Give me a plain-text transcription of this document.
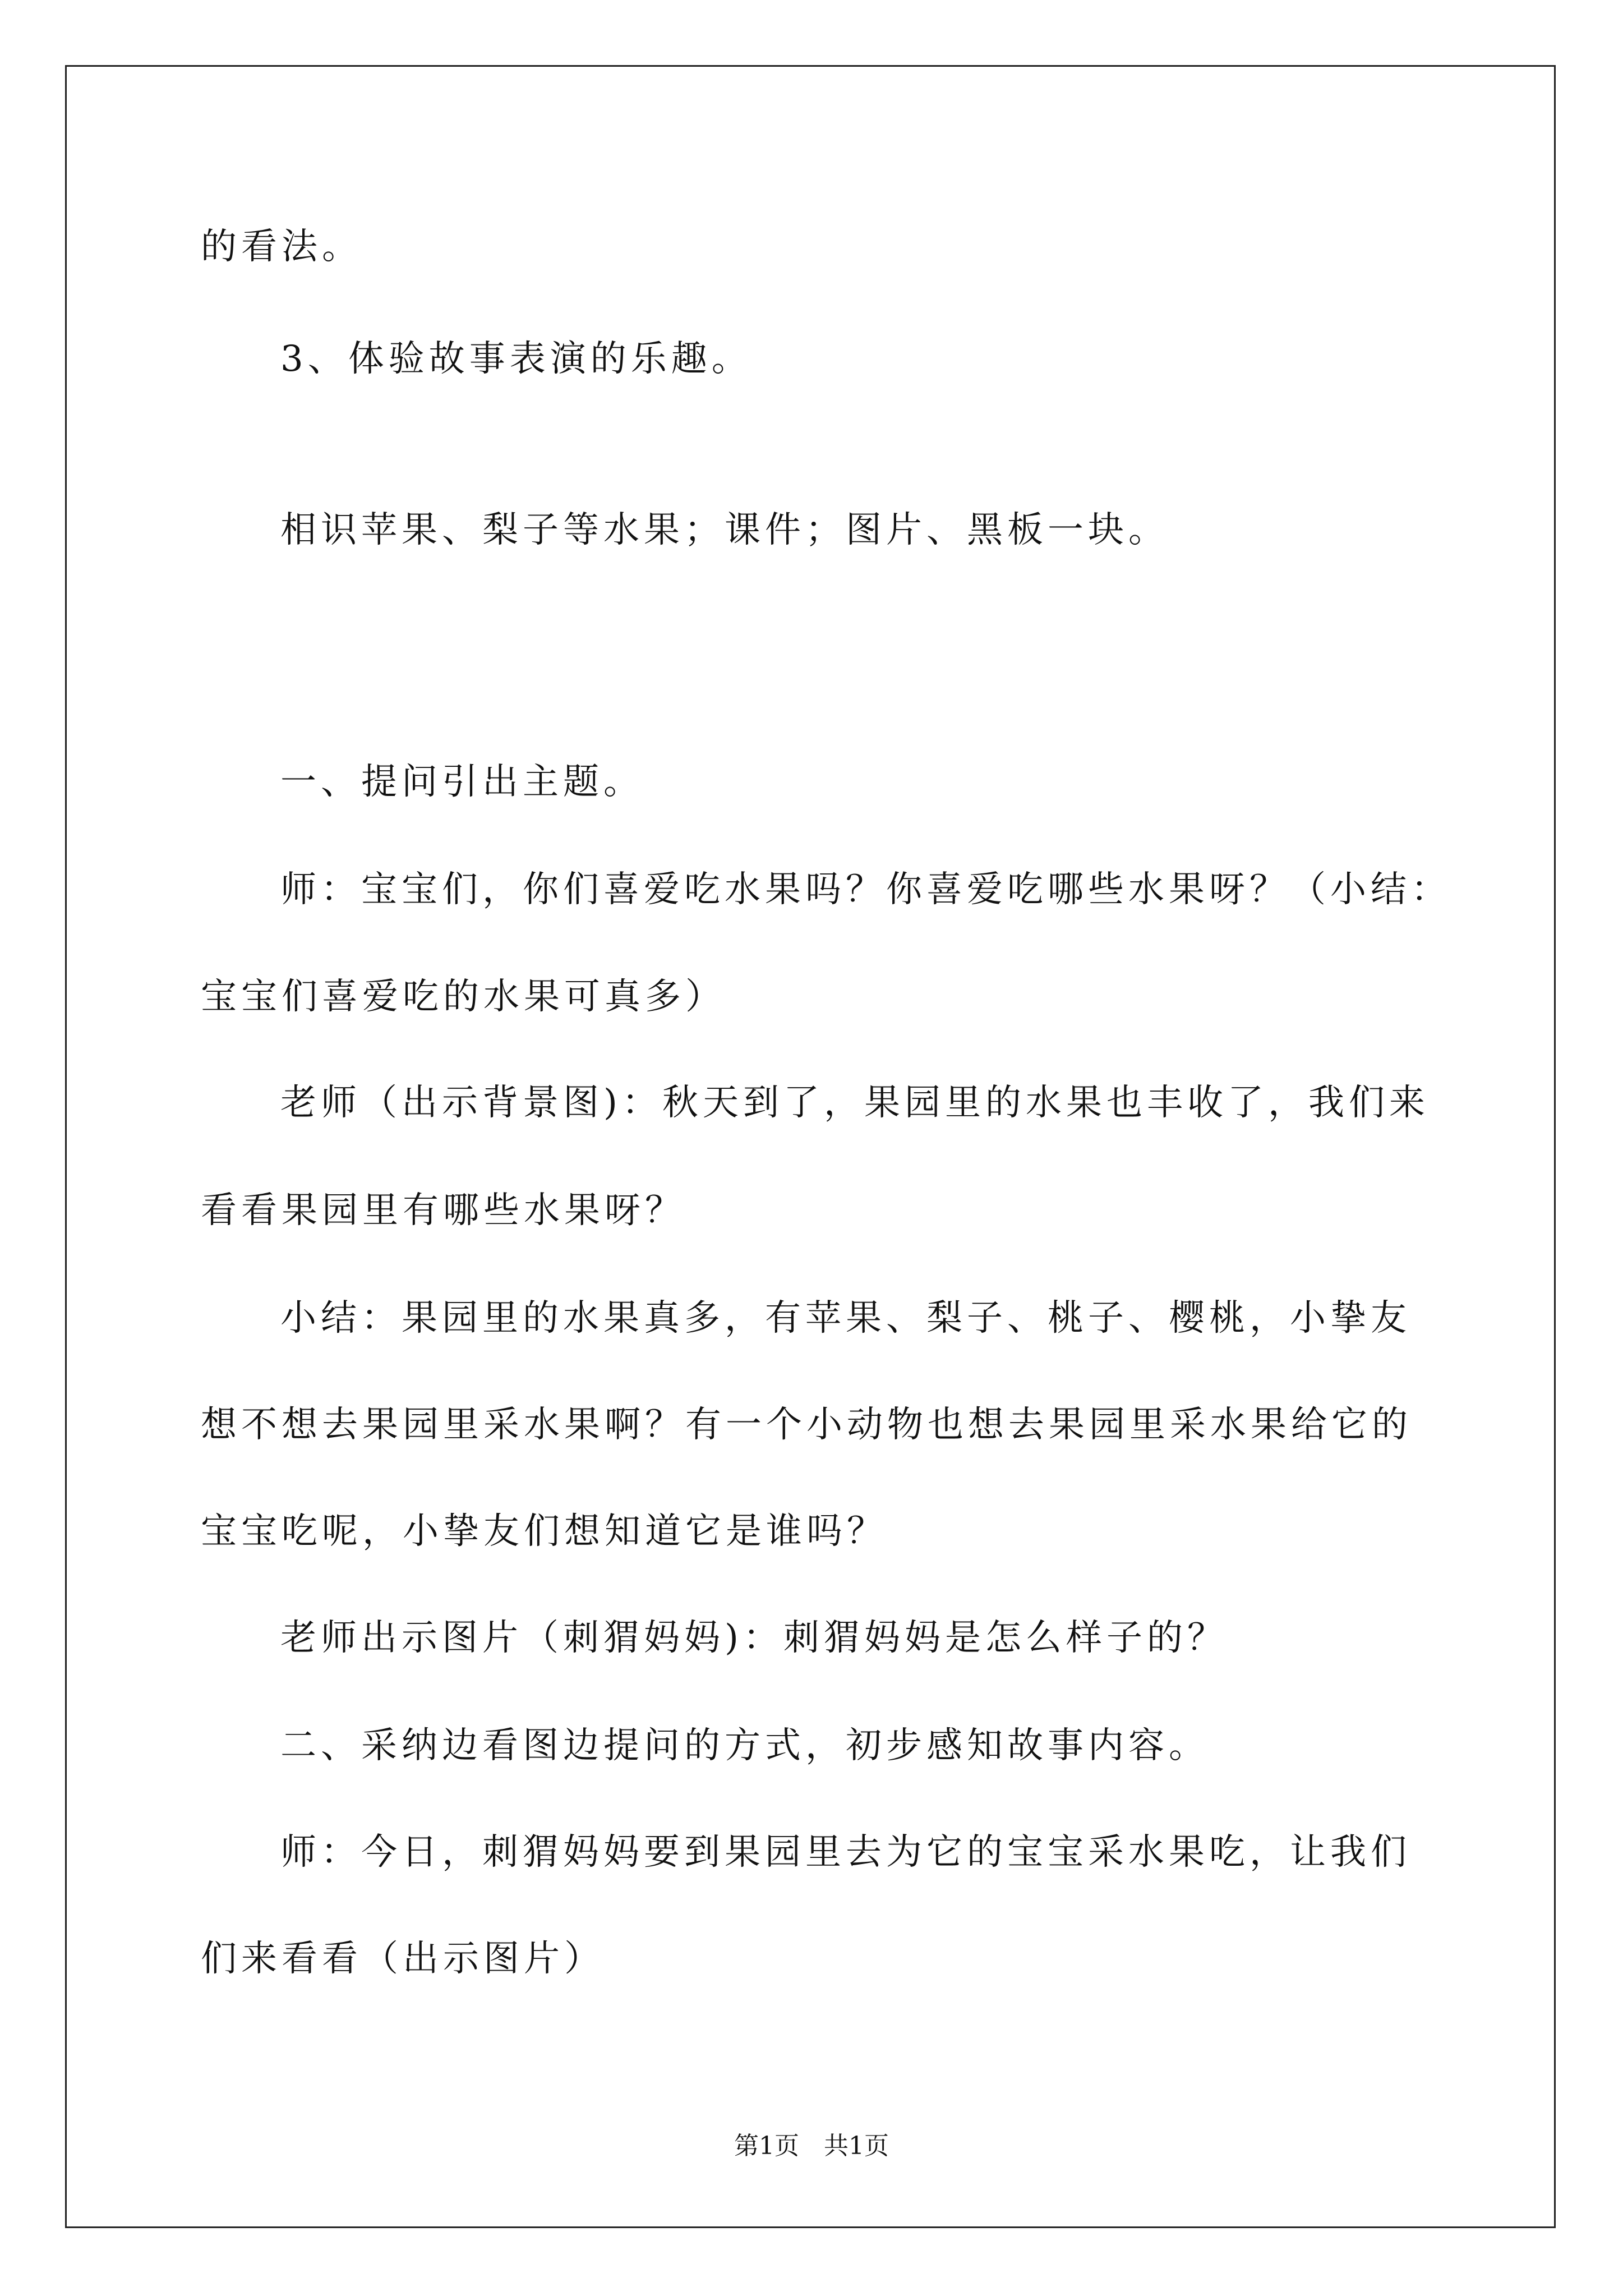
的看法。
3、体验故事表演的乐趣。
相识苹果、梨子等水果；课件；图片、黑板一块。
一、提问引出主题。
师：宝宝们，你们喜爱吃水果吗？你喜爱吃哪些水果呀？（小结：
宝宝们喜爱吃的水果可真多）
老师（出示背景图)：秋天到了，果园里的水果也丰收了，我们来
看看果园里有哪些水果呀？
小结：果园里的水果真多，有苹果、梨子、桃子、樱桃，小挚友
想不想去果园里采水果啊？有一个小动物也想去果园里采水果给它的
宝宝吃呢，小挚友们想知道它是谁吗？
老师出示图片（刺猬妈妈)：刺猬妈妈是怎么样子的？
二、采纳边看图边提问的方式，初步感知故事内容。
师：今日，刺猬妈妈要到果园里去为它的宝宝采水果吃，让我们
们来看看（出示图片）
第1页　共1页
